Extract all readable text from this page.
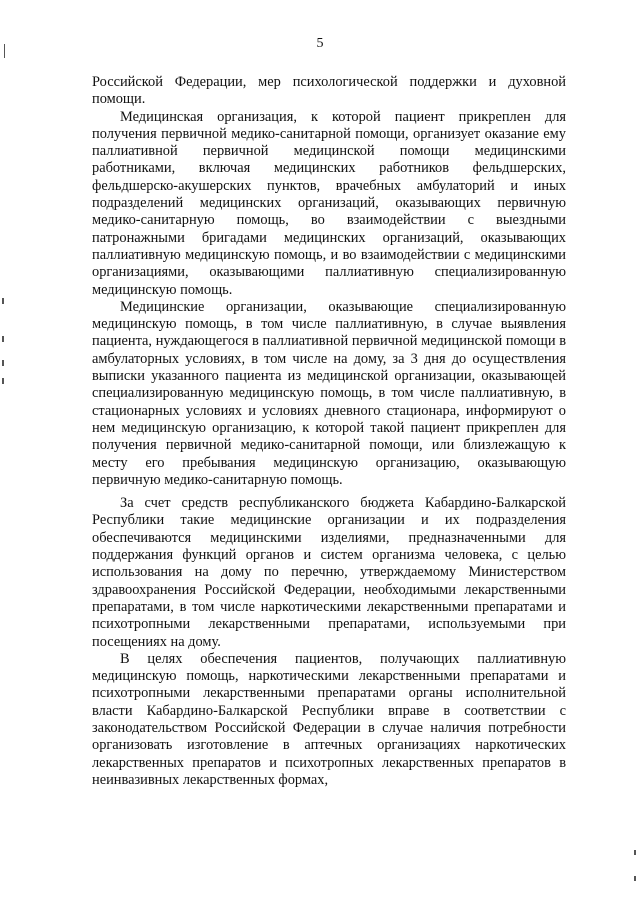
5

Российской Федерации, мер психологической поддержки и духовной помощи.

Медицинская организация, к которой пациент прикреплен для получения первичной медико-санитарной помощи, организует оказание ему паллиативной первичной медицинской помощи медицинскими работниками, включая медицинских работников фельдшерских, фельдшерско-акушерских пунктов, врачебных амбулаторий и иных подразделений медицинских организаций, оказывающих первичную медико-санитарную помощь, во взаимодействии с выездными патронажными бригадами медицинских организаций, оказывающих паллиативную медицинскую помощь, и во взаимодействии с медицинскими организациями, оказывающими паллиативную специализированную медицинскую помощь.

Медицинские организации, оказывающие специализированную медицинскую помощь, в том числе паллиативную, в случае выявления пациента, нуждающегося в паллиативной первичной медицинской помощи в амбулаторных условиях, в том числе на дому, за 3 дня до осуществления выписки указанного пациента из медицинской организации, оказывающей специализированную медицинскую помощь, в том числе паллиативную, в стационарных условиях и условиях дневного стационара, информируют о нем медицинскую организацию, к которой такой пациент прикреплен для получения первичной медико-санитарной помощи, или близлежащую к месту его пребывания медицинскую организацию, оказывающую первичную медико-санитарную помощь.

За счет средств республиканского бюджета Кабардино-Балкарской Республики такие медицинские организации и их подразделения обеспечиваются медицинскими изделиями, предназначенными для поддержания функций органов и систем организма человека, с целью использования на дому по перечню, утверждаемому Министерством здравоохранения Российской Федерации, необходимыми лекарственными препаратами, в том числе наркотическими лекарственными препаратами и психотропными лекарственными препаратами, используемыми при посещениях на дому.

В целях обеспечения пациентов, получающих паллиативную медицинскую помощь, наркотическими лекарственными препаратами и психотропными лекарственными препаратами органы исполнительной власти Кабардино-Балкарской Республики вправе в соответствии с законодательством Российской Федерации в случае наличия потребности организовать изготовление в аптечных организациях наркотических лекарственных препаратов и психотропных лекарственных препаратов в неинвазивных лекарственных формах,
